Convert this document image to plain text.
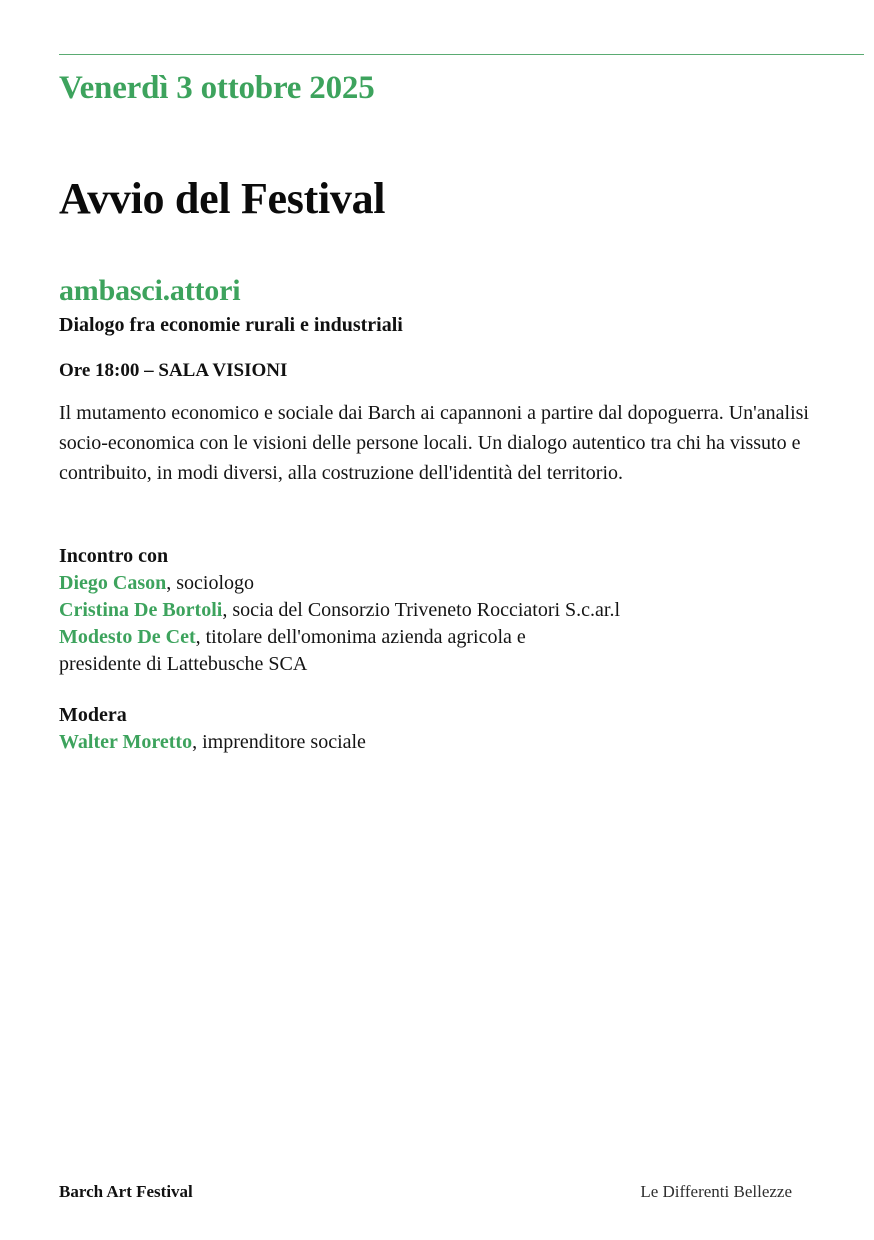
Venerdì 3 ottobre 2025
Avvio del Festival
ambasci.attori

Dialogo fra economie rurali e industriali

Ore 18:00 – SALA VISIONI

Il mutamento economico e sociale dai Barch ai capannoni a partire dal dopoguerra. Un'analisi socio-economica con le visioni delle persone locali. Un dialogo autentico tra chi ha vissuto e contribuito, in modi diversi, alla costruzione dell'identità del territorio.

Incontro con

Diego Cason, sociologo

Cristina De Bortoli, socia del Consorzio Triveneto Rocciatori S.c.ar.l

Modesto De Cet, titolare dell'omonima azienda agricola e

presidente di Lattebusche SCA

Modera

Walter Moretto, imprenditore sociale

Barch Art Festival	Le Differenti Bellezze
